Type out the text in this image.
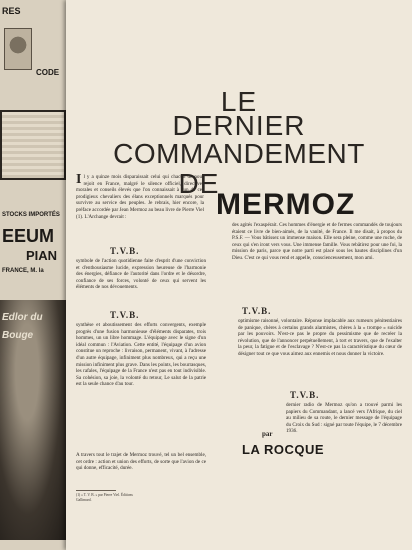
RES
CODE
STOCKS IMPORTÉS
EEUM
PIAN
FRANCE, M. la
Edlor du
Bouge
LE
DERNIER
COMMANDEMENT
DE
MERMOZ
I l y a quinze mois disparaissait celui qui chacun de nous rejoit en France, malgré le silence officiel, directives morales et conseils élevés que l'on connaissait à l'un de ces prodigieux chevaliers des élans exceptionnels marqués pour survivre au service des peuples. Je rebrais, hier encore, la préface accordée par Jean Mermoz au beau livre de Pierre Viel (1). L'Archange devrait :
des agités l'exaspérait. Ces hommes d'énergie et de fermes commandés de toujours étaient ce livre de bien-aimés, de la vanité, de France. Il me disait, à propos du P.S.F. — Vous bâtissez un immense maison. Elle sera pleine, comme une ruche, de ceux qui s'en iront vers vous. Une immense famille. Vous rebâtirez pour une foi, la mission de paris, parce que notre parti est placé sous les hautes disciplines d'un Dieu. C'est ce qui vous rend et appelle, conscienceusement, mon ami.
T.V.B.
symbole de l'action quotidienne faite d'esprit d'une conviction et d'enthousiasme lucide, expression heureuse de l'harmonie des énergies, défiance de l'autorité dans l'ordre et le désordre, confiance de ses forces, volonté de ceux qui servent les éléments de nos dévouements.
T.V.B.
synthèse et aboutissement des efforts convergents, exemple progrès d'une fusion harmonieuse d'éléments disparates, trois hommes, un un libre hommage. L'équipage avec le signe d'un idéal commun : l'Aviation. Cette entité, l'équipage d'un avion constitue un reproche : livraison, permanent, vivant, à l'adresse d'un autre équipage, infiniment plus nombreux, qui a reçu une mission infiniment plus grave. Dans les points, les bourrasques, les rafales, l'équipage de la France n'est pas en tout indivisible. Sa cohésion, sa joie, la volonté du retour, Le salut de la patrie est la seule chance d'au tour.
T.V.B.
optimisme raisonné, volontaire. Réponse implacable aux rumeurs pénitentiaires de panique, chères à certains grands alarmistes, chères à la « trompe » suicide par les pouvoirs. N'est-ce pas le propre du pessimisme que de recréer la révolution, que de l'annoncer perpétuellement, à tort et travers, que de l'exalter la peur, la fatigue et de l'esclavage ? N'est-ce pas la caractéristique du cœur de désigner tout ce que vous aimez aux ennemis et nous donner la victoire.
T.V.B.
dernier radio de Mermoz qu'on a trouvé parmi les papiers du Commandant, a lancé vers l'Afrique, du ciel au milieu de sa route, le dernier message de l'équipage du Croix du Sud : signé par toute l'équipe, le 7 décembre 1936.
A travers tout le trajet de Mermoz trouvé, tel un bel ensemble, cet ordre : action et union des efforts, de sorte que l'avion de ce qui donne, efficacité, durée.
(1) « T. V. B. » par Pierre Viel. Éditions Gallimard.
par
LA ROCQUE
